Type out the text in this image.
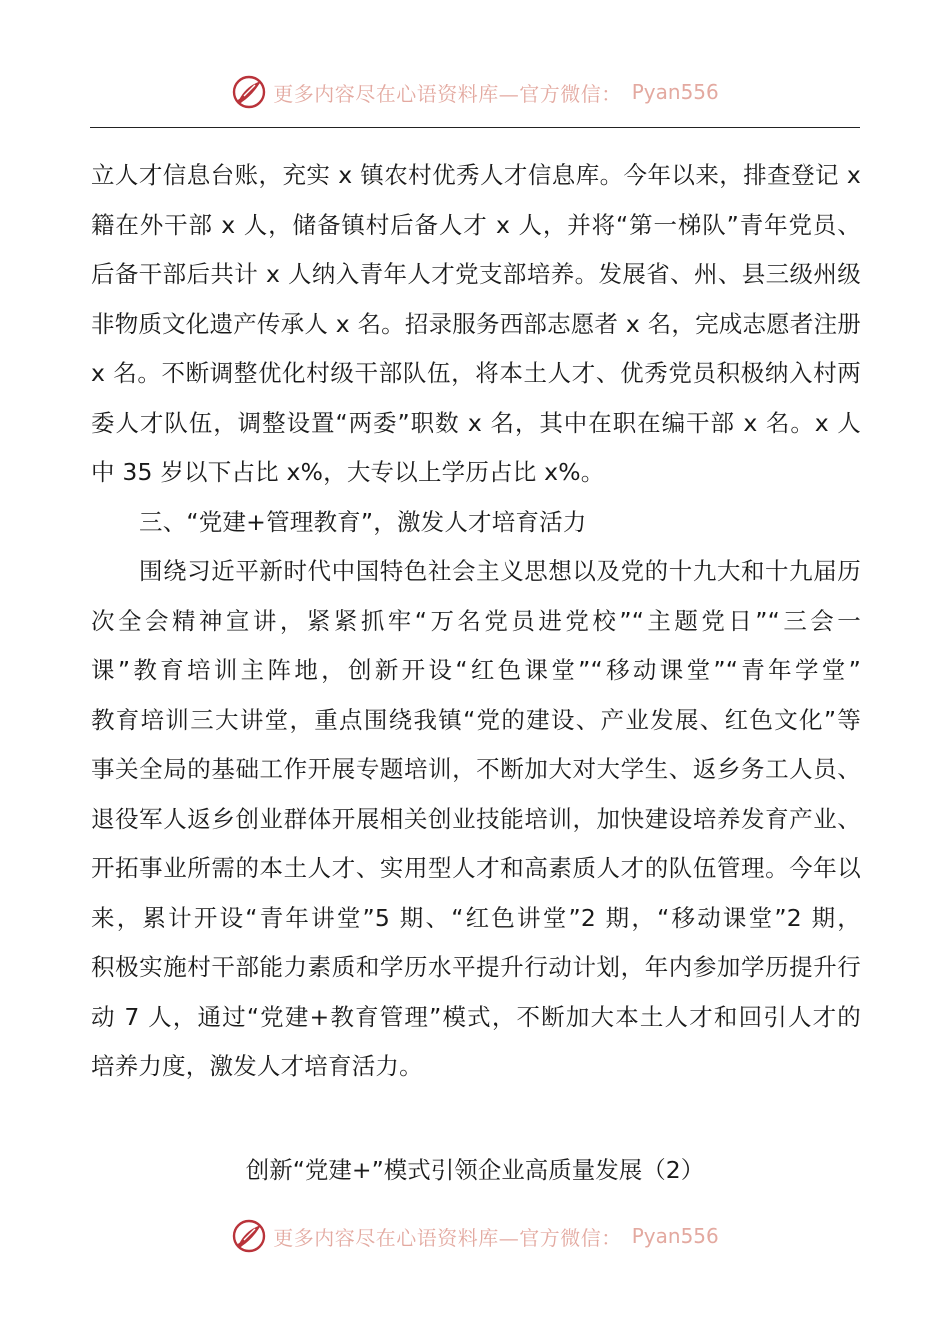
更多内容尽在心语资料库—官方微信： Pyan556
立人才信息台账，充实 x 镇农村优秀人才信息库。今年以来，排查登记 x
籍在外干部 x 人，储备镇村后备人才 x 人，并将“第一梯队”青年党员、
后备干部后共计 x 人纳入青年人才党支部培养。发展省、州、县三级州级
非物质文化遗产传承人 x 名。招录服务西部志愿者 x 名，完成志愿者注册
x 名。不断调整优化村级干部队伍，将本土人才、优秀党员积极纳入村两
委人才队伍，调整设置“两委”职数 x 名，其中在职在编干部 x 名。x 人
中 35 岁以下占比 x%，大专以上学历占比 x%。
三、“党建+管理教育”，激发人才培育活力
围绕习近平新时代中国特色社会主义思想以及党的十九大和十九届历
次全会精神宣讲，紧紧抓牢“万名党员进党校”“主题党日”“三会一
课”教育培训主阵地，创新开设“红色课堂”“移动课堂”“青年学堂”
教育培训三大讲堂，重点围绕我镇“党的建设、产业发展、红色文化”等
事关全局的基础工作开展专题培训，不断加大对大学生、返乡务工人员、
退役军人返乡创业群体开展相关创业技能培训，加快建设培养发育产业、
开拓事业所需的本土人才、实用型人才和高素质人才的队伍管理。今年以
来，累计开设“青年讲堂”5 期、“红色讲堂”2 期，“移动课堂”2 期，
积极实施村干部能力素质和学历水平提升行动计划，年内参加学历提升行
动 7 人，通过“党建+教育管理”模式，不断加大本土人才和回引人才的
培养力度，激发人才培育活力。
创新“党建+”模式引领企业高质量发展（2）
更多内容尽在心语资料库—官方微信： Pyan556
